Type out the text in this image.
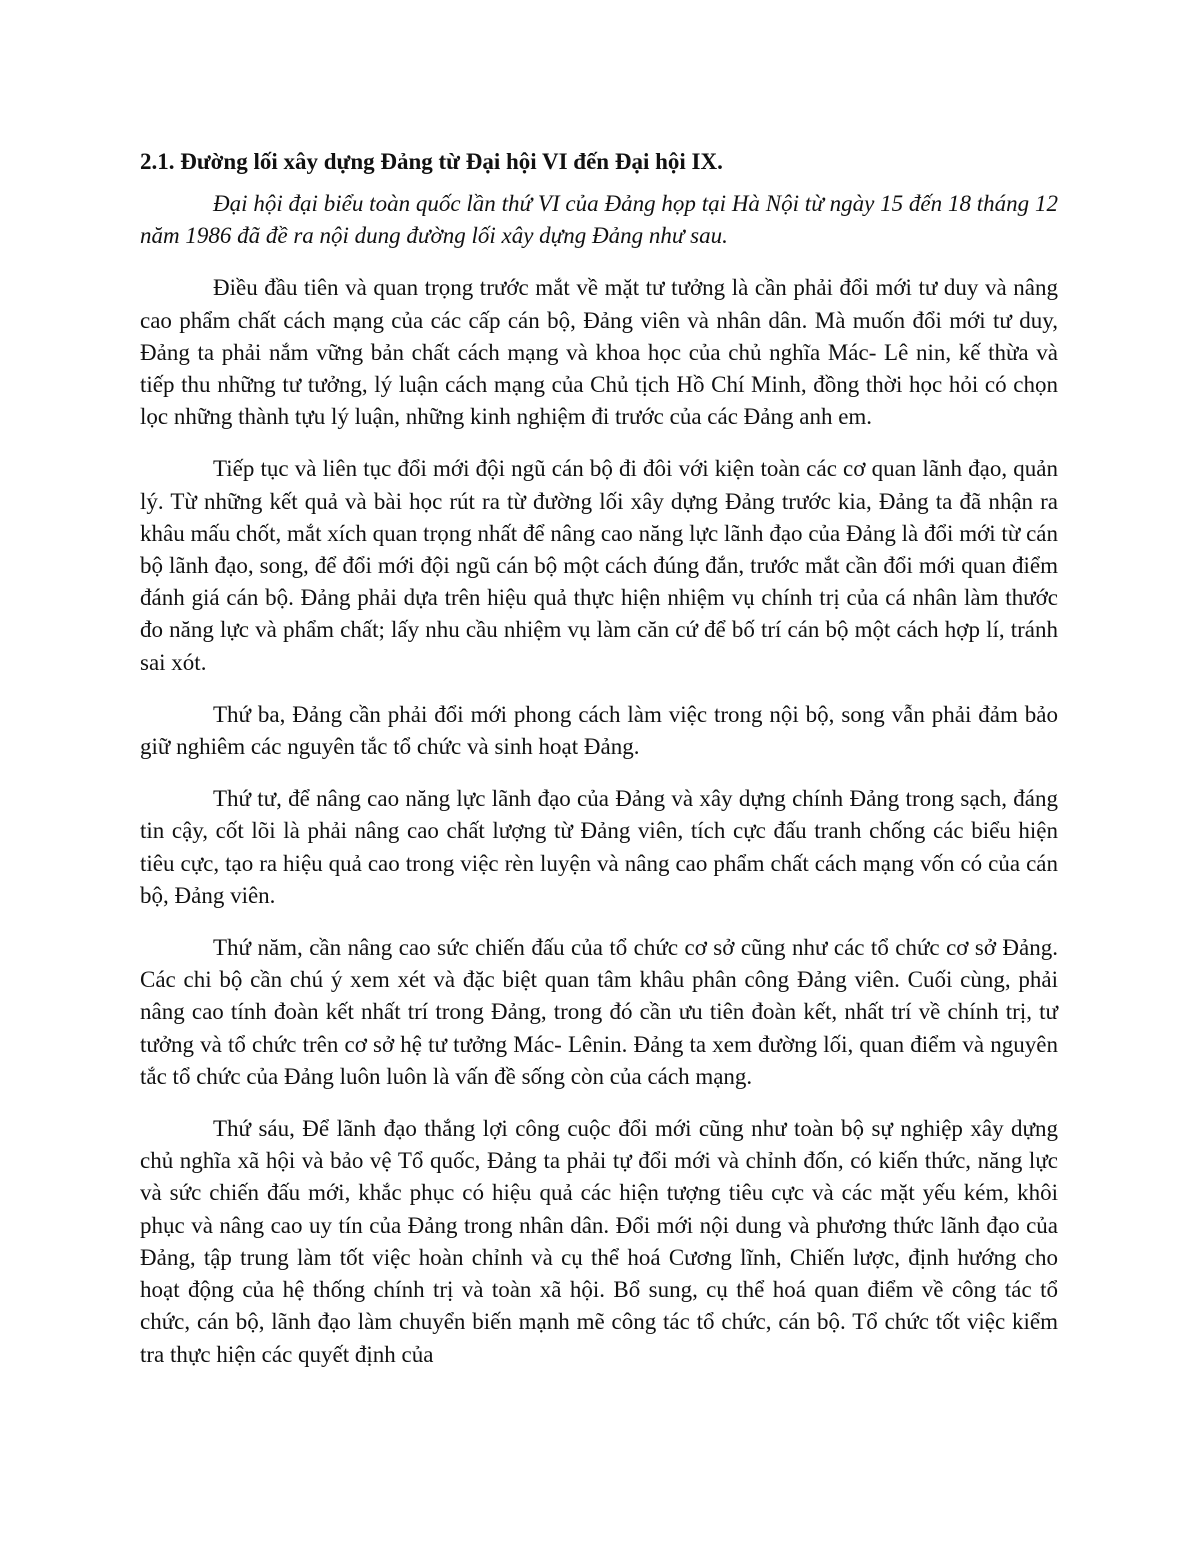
2.1. Đường lối xây dựng Đảng từ Đại hội VI đến Đại hội IX.

Đại hội đại biểu toàn quốc lần thứ VI của Đảng họp tại Hà Nội từ ngày 15 đến 18 tháng 12 năm 1986 đã đề ra nội dung đường lối xây dựng Đảng như sau.

Điều đầu tiên và quan trọng trước mắt về mặt tư tưởng là cần phải đổi mới tư duy và nâng cao phẩm chất cách mạng của các cấp cán bộ, Đảng viên và nhân dân. Mà muốn đổi mới tư duy, Đảng ta phải nắm vững bản chất cách mạng và khoa học của chủ nghĩa Mác- Lê nin, kế thừa và tiếp thu những tư tưởng, lý luận cách mạng của Chủ tịch Hồ Chí Minh, đồng thời học hỏi có chọn lọc những thành tựu lý luận, những kinh nghiệm đi trước của các Đảng anh em.

Tiếp tục và liên tục đổi mới đội ngũ cán bộ đi đôi với kiện toàn các cơ quan lãnh đạo, quản lý. Từ những kết quả và bài học rút ra từ đường lối xây dựng Đảng trước kia, Đảng ta đã nhận ra khâu mấu chốt, mắt xích quan trọng nhất để nâng cao năng lực lãnh đạo của Đảng là đổi mới từ cán bộ lãnh đạo, song, để đổi mới đội ngũ cán bộ một cách đúng đắn, trước mắt cần đổi mới quan điểm đánh giá cán bộ. Đảng phải dựa trên hiệu quả thực hiện nhiệm vụ chính trị của cá nhân làm thước đo năng lực và phẩm chất; lấy nhu cầu nhiệm vụ làm căn cứ để bố trí cán bộ một cách hợp lí, tránh sai xót.

Thứ ba, Đảng cần phải đổi mới phong cách làm việc trong nội bộ, song vẫn phải đảm bảo giữ nghiêm các nguyên tắc tổ chức và sinh hoạt Đảng.

Thứ tư, để nâng cao năng lực lãnh đạo của Đảng và xây dựng chính Đảng trong sạch, đáng tin cậy, cốt lõi là phải nâng cao chất lượng từ Đảng viên, tích cực đấu tranh chống các biểu hiện tiêu cực, tạo ra hiệu quả cao trong việc rèn luyện và nâng cao phẩm chất cách mạng vốn có của cán bộ, Đảng viên.

Thứ năm, cần nâng cao sức chiến đấu của tổ chức cơ sở cũng như các tổ chức cơ sở Đảng. Các chi bộ cần chú ý xem xét và đặc biệt quan tâm khâu phân công Đảng viên. Cuối cùng, phải nâng cao tính đoàn kết nhất trí trong Đảng, trong đó cần ưu tiên đoàn kết, nhất trí về chính trị, tư tưởng và tổ chức trên cơ sở hệ tư tưởng Mác- Lênin. Đảng ta xem đường lối, quan điểm và nguyên tắc tổ chức của Đảng luôn luôn là vấn đề sống còn của cách mạng.

Thứ sáu, Để lãnh đạo thắng lợi công cuộc đổi mới cũng như toàn bộ sự nghiệp xây dựng chủ nghĩa xã hội và bảo vệ Tổ quốc, Đảng ta phải tự đổi mới và chỉnh đốn, có kiến thức, năng lực và sức chiến đấu mới, khắc phục có hiệu quả các hiện tượng tiêu cực và các mặt yếu kém, khôi phục và nâng cao uy tín của Đảng trong nhân dân. Đổi mới nội dung và phương thức lãnh đạo của Đảng, tập trung làm tốt việc hoàn chỉnh và cụ thể hoá Cương lĩnh, Chiến lược, định hướng cho hoạt động của hệ thống chính trị và toàn xã hội. Bổ sung, cụ thể hoá quan điểm về công tác tổ chức, cán bộ, lãnh đạo làm chuyển biến mạnh mẽ công tác tổ chức, cán bộ. Tổ chức tốt việc kiểm tra thực hiện các quyết định của
